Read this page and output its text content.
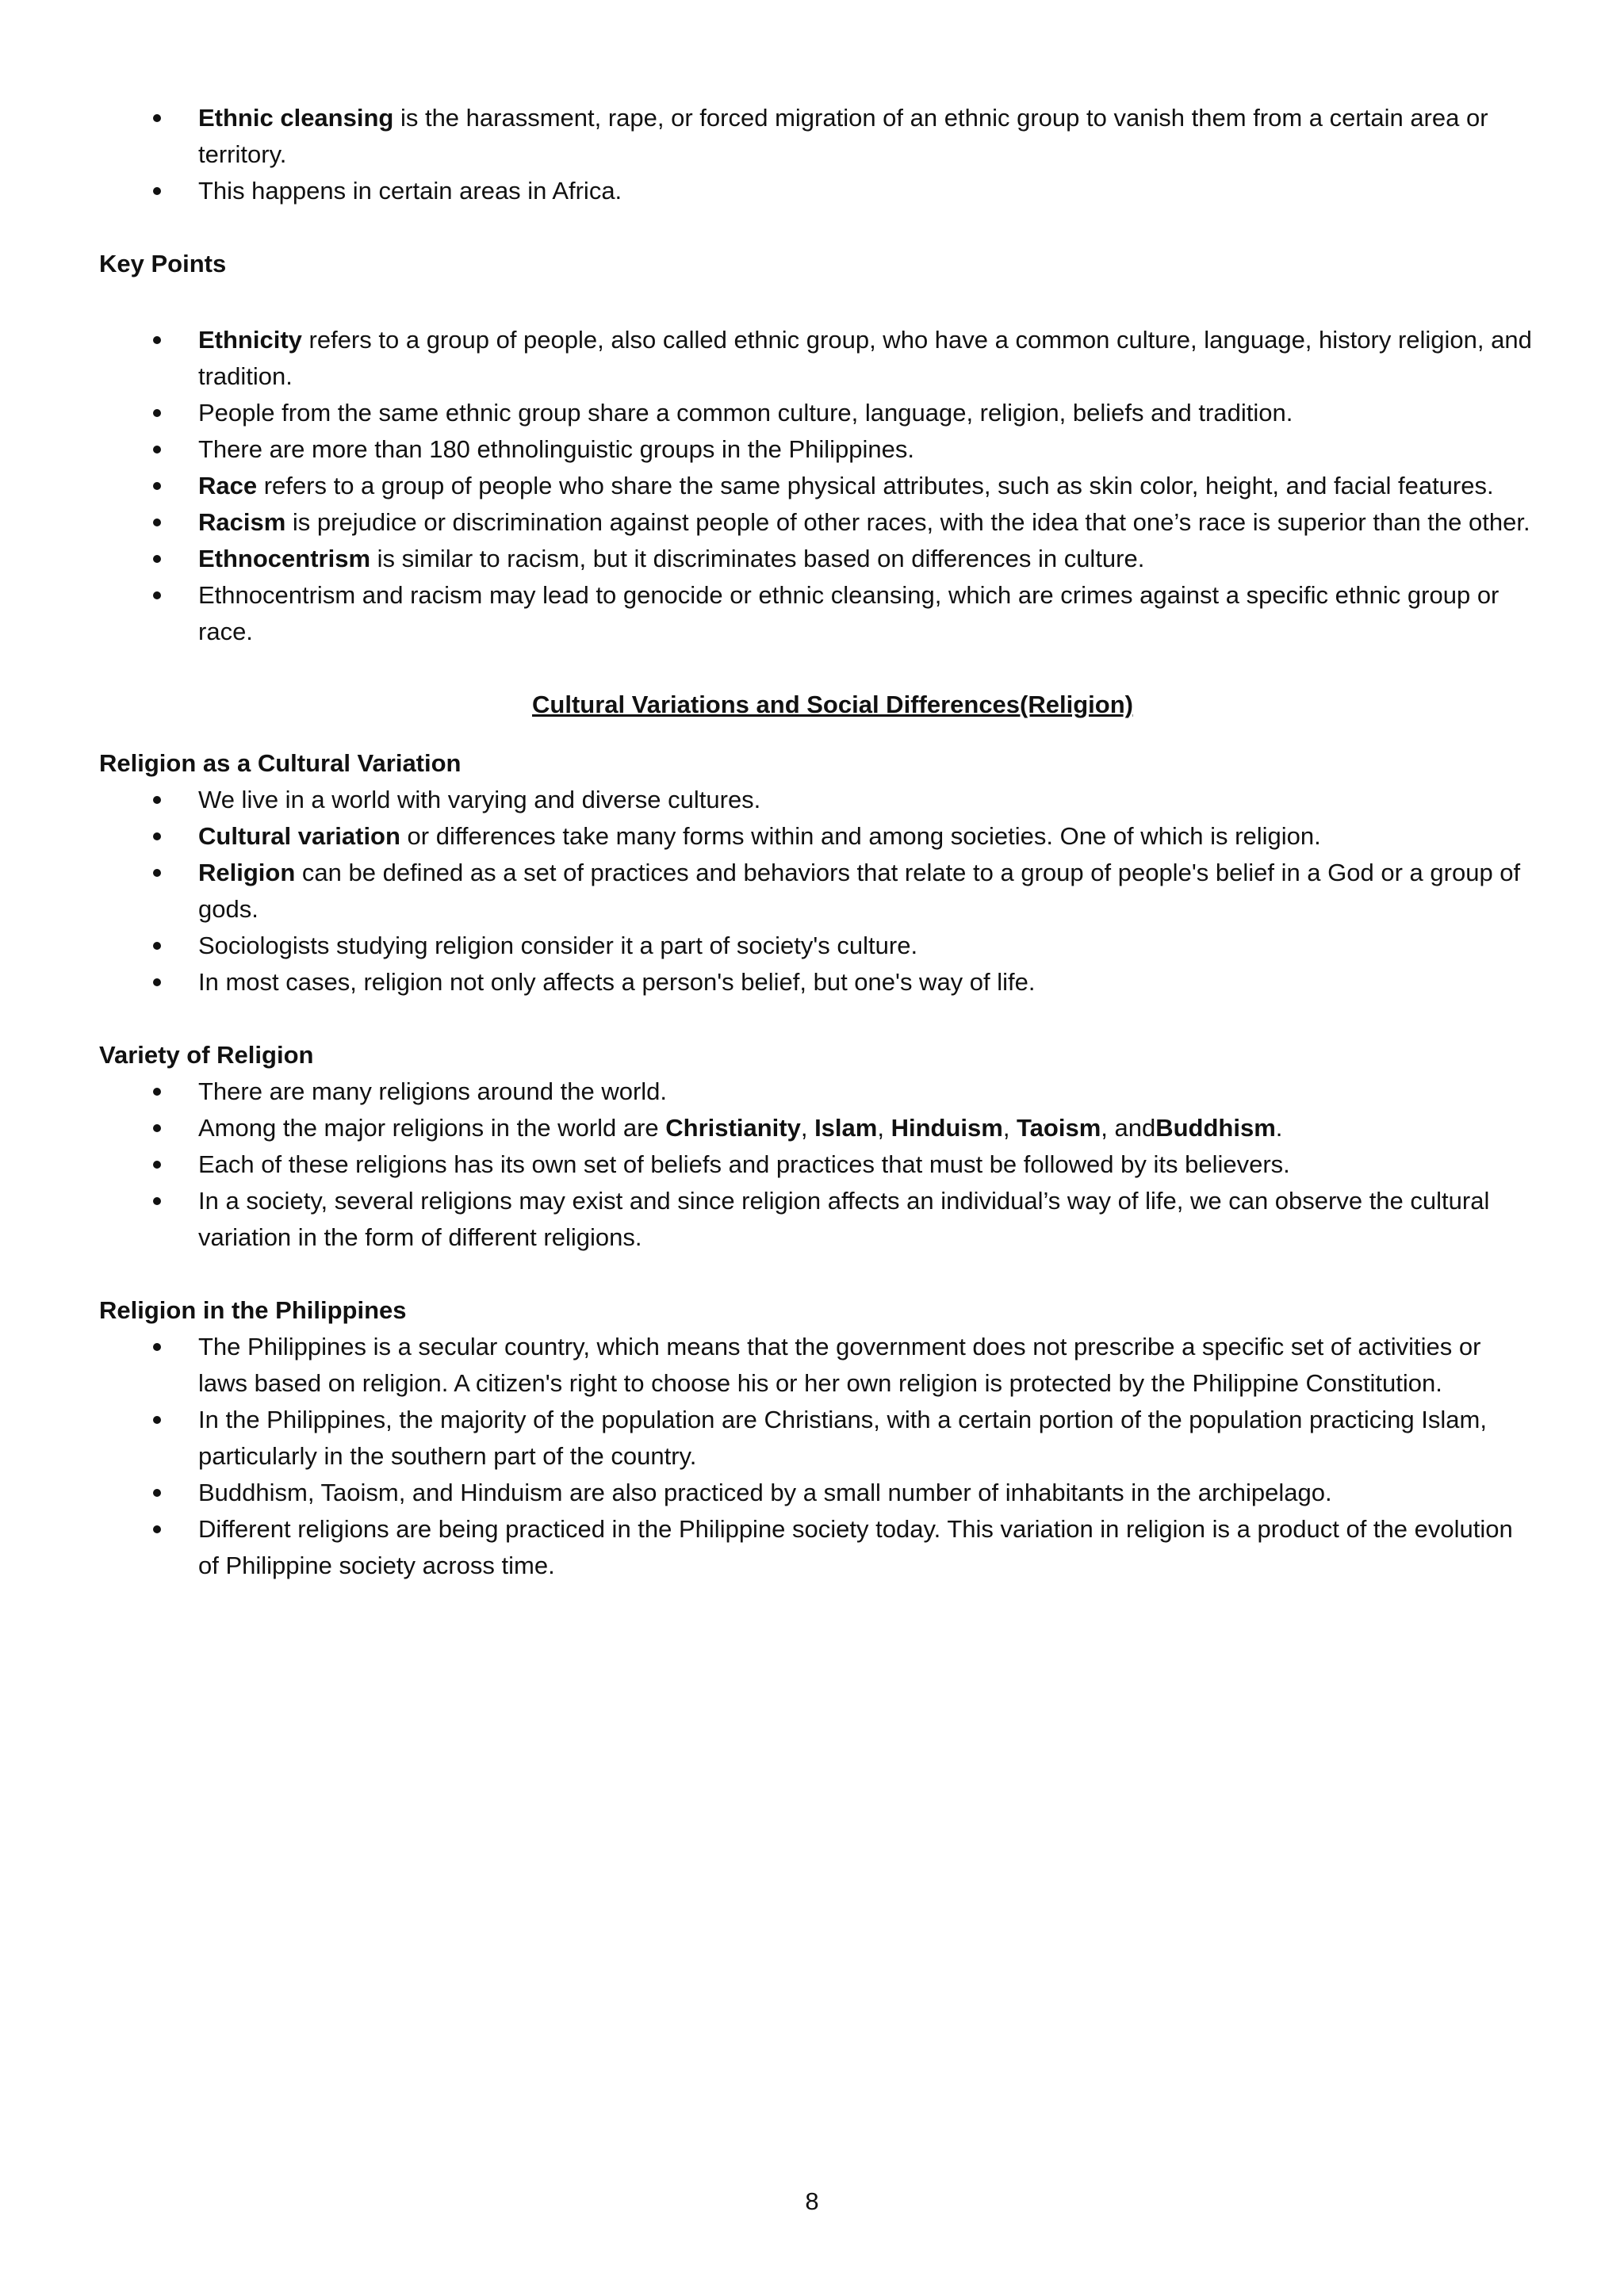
Ethnic cleansing is the harassment, rape, or forced migration of an ethnic group to vanish them from a certain area or territory.
This happens in certain areas in Africa.

Key Points

Ethnicity refers to a group of people, also called ethnic group, who have a common culture, language, history religion, and tradition.
People from the same ethnic group share a common culture, language, religion, beliefs and tradition.
There are more than 180 ethnolinguistic groups in the Philippines.
Race refers to a group of people who share the same physical attributes, such as skin color, height, and facial features.
Racism is prejudice or discrimination against people of other races, with the idea that one’s race is superior than the other.
Ethnocentrism is similar to racism, but it discriminates based on differences in culture.
Ethnocentrism and racism may lead to genocide or ethnic cleansing, which are crimes against a specific ethnic group or race.

Cultural Variations and Social Differences(Religion)

Religion as a Cultural Variation

We live in a world with varying and diverse cultures.
Cultural variation or differences take many forms within and among societies. One of which is religion.
Religion can be defined as a set of practices and behaviors that relate to a group of people's belief in a God or a group of gods.
Sociologists studying religion consider it a part of society's culture.
In most cases, religion not only affects a person's belief, but one's way of life.

Variety of Religion

There are many religions around the world.
Among the major religions in the world are Christianity, Islam, Hinduism, Taoism, andBuddhism.
Each of these religions has its own set of beliefs and practices that must be followed by its believers.
In a society, several religions may exist and since religion affects an individual’s way of life, we can observe the cultural variation in the form of different religions.

Religion in the Philippines

The Philippines is a secular country, which means that the government does not prescribe a specific set of activities or laws based on religion. A citizen's right to choose his or her own religion is protected by the Philippine Constitution.
In the Philippines, the majority of the population are Christians, with a certain portion of the population practicing Islam, particularly in the southern part of the country.
Buddhism, Taoism, and Hinduism are also practiced by a small number of inhabitants in the archipelago.
Different religions are being practiced in the Philippine society today. This variation in religion is a product of the evolution of Philippine society across time.
8
